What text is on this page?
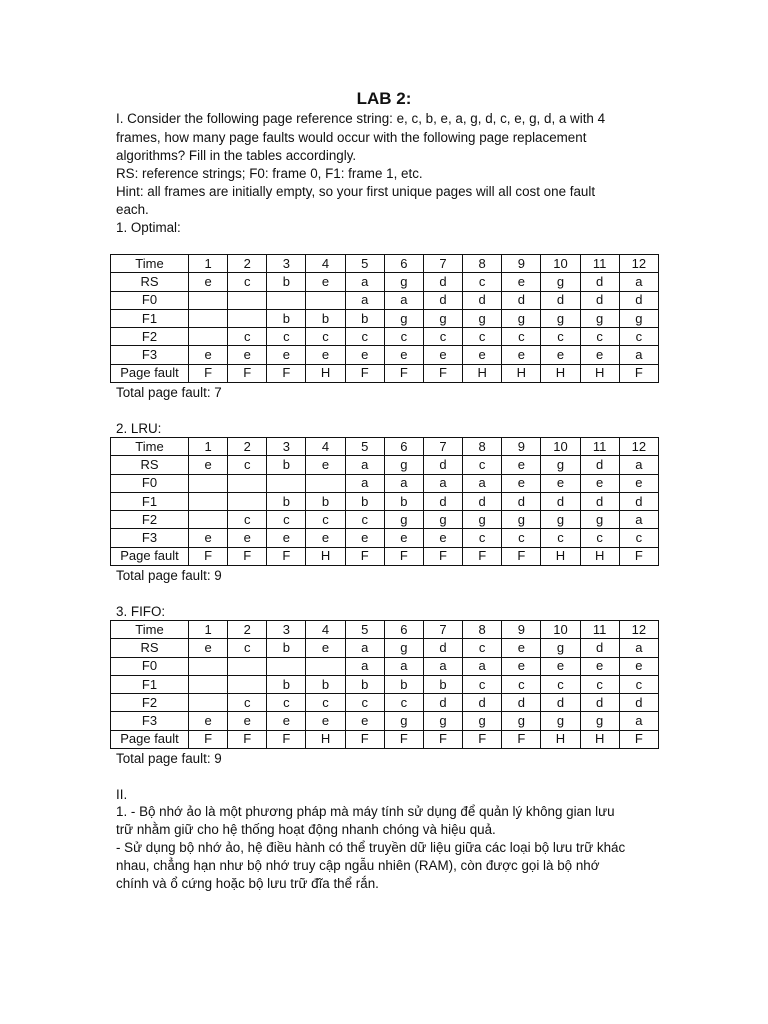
LAB 2:
I. Consider the following page reference string: e, c, b, e, a, g, d, c, e, g, d, a with 4
frames, how many page faults would occur with the following page replacement
algorithms? Fill in the tables accordingly.
RS: reference strings; F0: frame 0, F1: frame 1, etc.
Hint: all frames are initially empty, so your first unique pages will all cost one fault
each.
1. Optimal:
Time	1	2	3	4	5	6	7	8	9	10	11	12
RS	e	c	b	e	a	g	d	c	e	g	d	a
F0					a	a	d	d	d	d	d	d
F1			b	b	b	g	g	g	g	g	g	g
F2		c	c	c	c	c	c	c	c	c	c	c
F3	e	e	e	e	e	e	e	e	e	e	e	a
Page fault	F	F	F	H	F	F	F	H	H	H	H	F
Total page fault: 7
2. LRU:
Time	1	2	3	4	5	6	7	8	9	10	11	12
RS	e	c	b	e	a	g	d	c	e	g	d	a
F0					a	a	a	a	e	e	e	e
F1			b	b	b	b	d	d	d	d	d	d
F2		c	c	c	c	g	g	g	g	g	g	a
F3	e	e	e	e	e	e	e	c	c	c	c	c
Page fault	F	F	F	H	F	F	F	F	F	H	H	F
Total page fault: 9
3. FIFO:
Time	1	2	3	4	5	6	7	8	9	10	11	12
RS	e	c	b	e	a	g	d	c	e	g	d	a
F0					a	a	a	a	e	e	e	e
F1			b	b	b	b	b	c	c	c	c	c
F2		c	c	c	c	c	d	d	d	d	d	d
F3	e	e	e	e	e	g	g	g	g	g	g	a
Page fault	F	F	F	H	F	F	F	F	F	H	H	F
Total page fault: 9
II.
1. - Bộ nhớ ảo là một phương pháp mà máy tính sử dụng để quản lý không gian lưu
trữ nhằm giữ cho hệ thống hoạt động nhanh chóng và hiệu quả.
- Sử dụng bộ nhớ ảo, hệ điều hành có thể truyền dữ liệu giữa các loại bộ lưu trữ khác
nhau, chẳng hạn như bộ nhớ truy cập ngẫu nhiên (RAM), còn được gọi là bộ nhớ
chính và ổ cứng hoặc bộ lưu trữ đĩa thể rắn.
